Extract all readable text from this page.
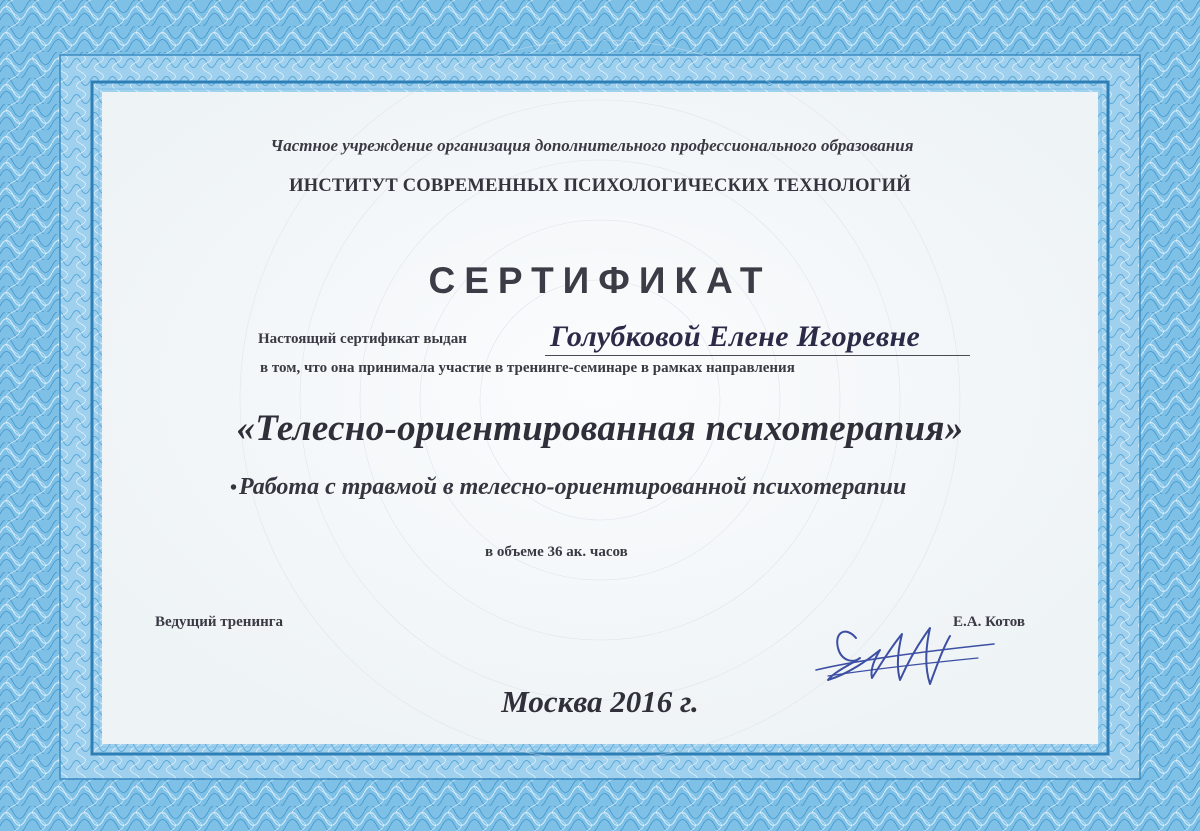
Частное учреждение организация дополнительного профессионального образования
ИНСТИТУТ СОВРЕМЕННЫХ ПСИХОЛОГИЧЕСКИХ ТЕХНОЛОГИЙ
СЕРТИФИКАТ
Настоящий сертификат выдан	Голубковой Елене Игоревне
в том, что она принимала участие в тренинге-семинаре в рамках направления
«Телесно-ориентированная психотерапия»
•Работа с травмой в телесно-ориентированной психотерапии
в объеме 36 ак. часов
Ведущий тренинга	Е.А. Котов
Москва 2016 г.
